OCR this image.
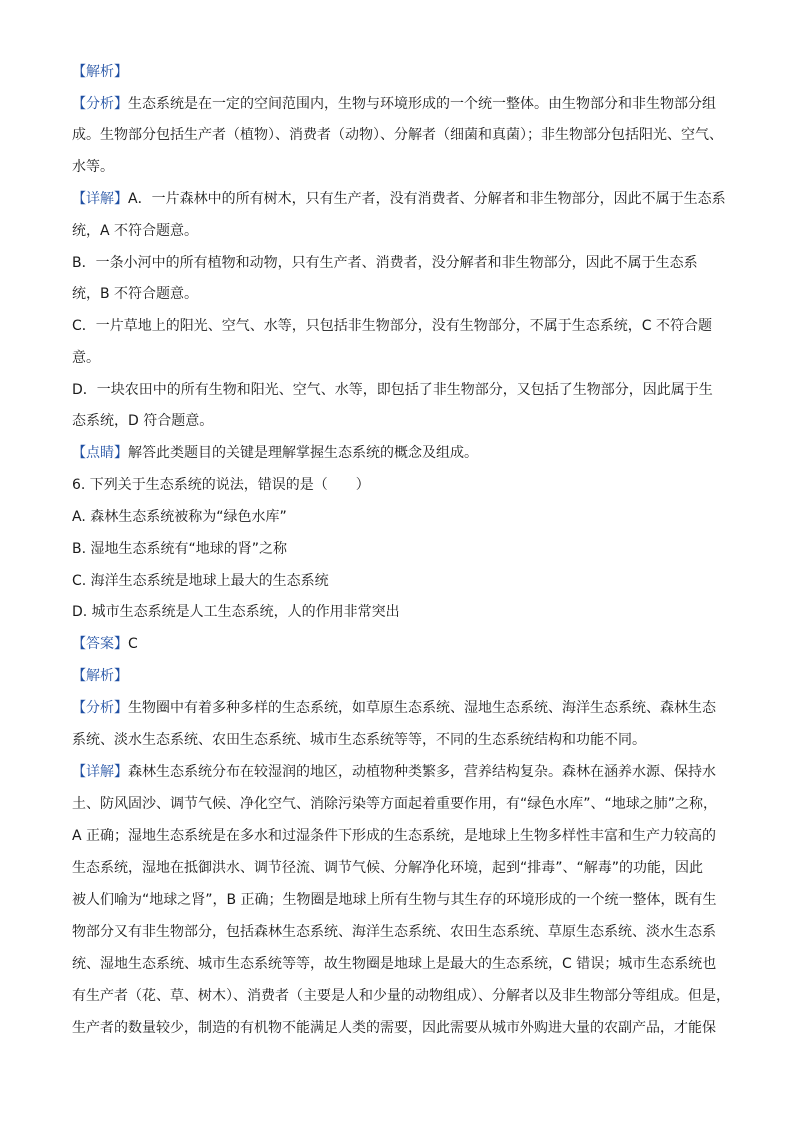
【解析】
【分析】生态系统是在一定的空间范围内，生物与环境形成的一个统一整体。由生物部分和非生物部分组
成。生物部分包括生产者（植物）、消费者（动物）、分解者（细菌和真菌）；非生物部分包括阳光、空气、
水等。
【详解】A．一片森林中的所有树木，只有生产者，没有消费者、分解者和非生物部分，因此不属于生态系
统，A 不符合题意。
B．一条小河中的所有植物和动物，只有生产者、消费者，没分解者和非生物部分，因此不属于生态系
统，B 不符合题意。
C．一片草地上的阳光、空气、水等，只包括非生物部分，没有生物部分，不属于生态系统，C 不符合题
意。
D．一块农田中的所有生物和阳光、空气、水等，即包括了非生物部分，又包括了生物部分，因此属于生
态系统，D 符合题意。
【点睛】解答此类题目的关键是理解掌握生态系统的概念及组成。
6. 下列关于生态系统的说法，错误的是（　　）
A. 森林生态系统被称为“绿色水库”
B. 湿地生态系统有“地球的肾”之称
C. 海洋生态系统是地球上最大的生态系统
D. 城市生态系统是人工生态系统，人的作用非常突出
【答案】C
【解析】
【分析】生物圈中有着多种多样的生态系统，如草原生态系统、湿地生态系统、海洋生态系统、森林生态
系统、淡水生态系统、农田生态系统、城市生态系统等等，不同的生态系统结构和功能不同。
【详解】森林生态系统分布在较湿润的地区，动植物种类繁多，营养结构复杂。森林在涵养水源、保持水
土、防风固沙、调节气候、净化空气、消除污染等方面起着重要作用，有“绿色水库”、“地球之肺”之称，
A 正确；湿地生态系统是在多水和过湿条件下形成的生态系统，是地球上生物多样性丰富和生产力较高的
生态系统，湿地在抵御洪水、调节径流、调节气候、分解净化环境，起到“排毒”、“解毒”的功能，因此
被人们喻为“地球之肾”，B 正确；生物圈是地球上所有生物与其生存的环境形成的一个统一整体，既有生
物部分又有非生物部分，包括森林生态系统、海洋生态系统、农田生态系统、草原生态系统、淡水生态系
统、湿地生态系统、城市生态系统等等，故生物圈是地球上是最大的生态系统，C 错误；城市生态系统也
有生产者（花、草、树木）、消费者（主要是人和少量的动物组成）、分解者以及非生物部分等组成。但是，
生产者的数量较少，制造的有机物不能满足人类的需要，因此需要从城市外购进大量的农副产品，才能保
